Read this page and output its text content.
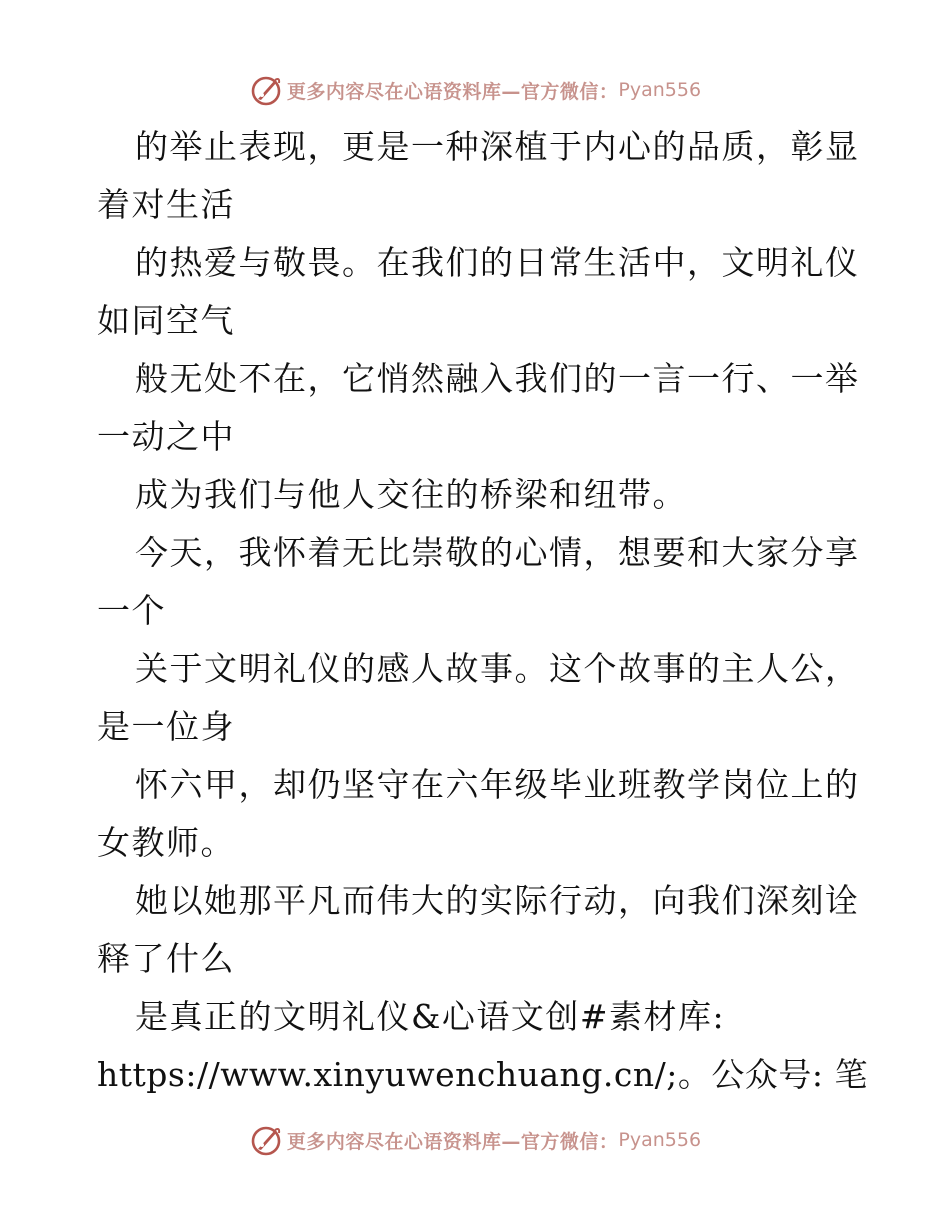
更多内容尽在心语资料库—官方微信： Pyan556
的举止表现，更是一种深植于内心的品质，彰显
着对生活
的热爱与敬畏。在我们的日常生活中，文明礼仪
如同空气
般无处不在，它悄然融入我们的一言一行、一举
一动之中
成为我们与他人交往的桥梁和纽带。
今天，我怀着无比崇敬的心情，想要和大家分享
一个
关于文明礼仪的感人故事。这个故事的主人公，
是一位身
怀六甲，却仍坚守在六年级毕业班教学岗位上的
女教师。
她以她那平凡而伟大的实际行动，向我们深刻诠
释了什么
是真正的文明礼仪&心语文创#素材库:
https://www.xinyuwenchuang.cn/;。公众号: 笔
更多内容尽在心语资料库—官方微信： Pyan556
